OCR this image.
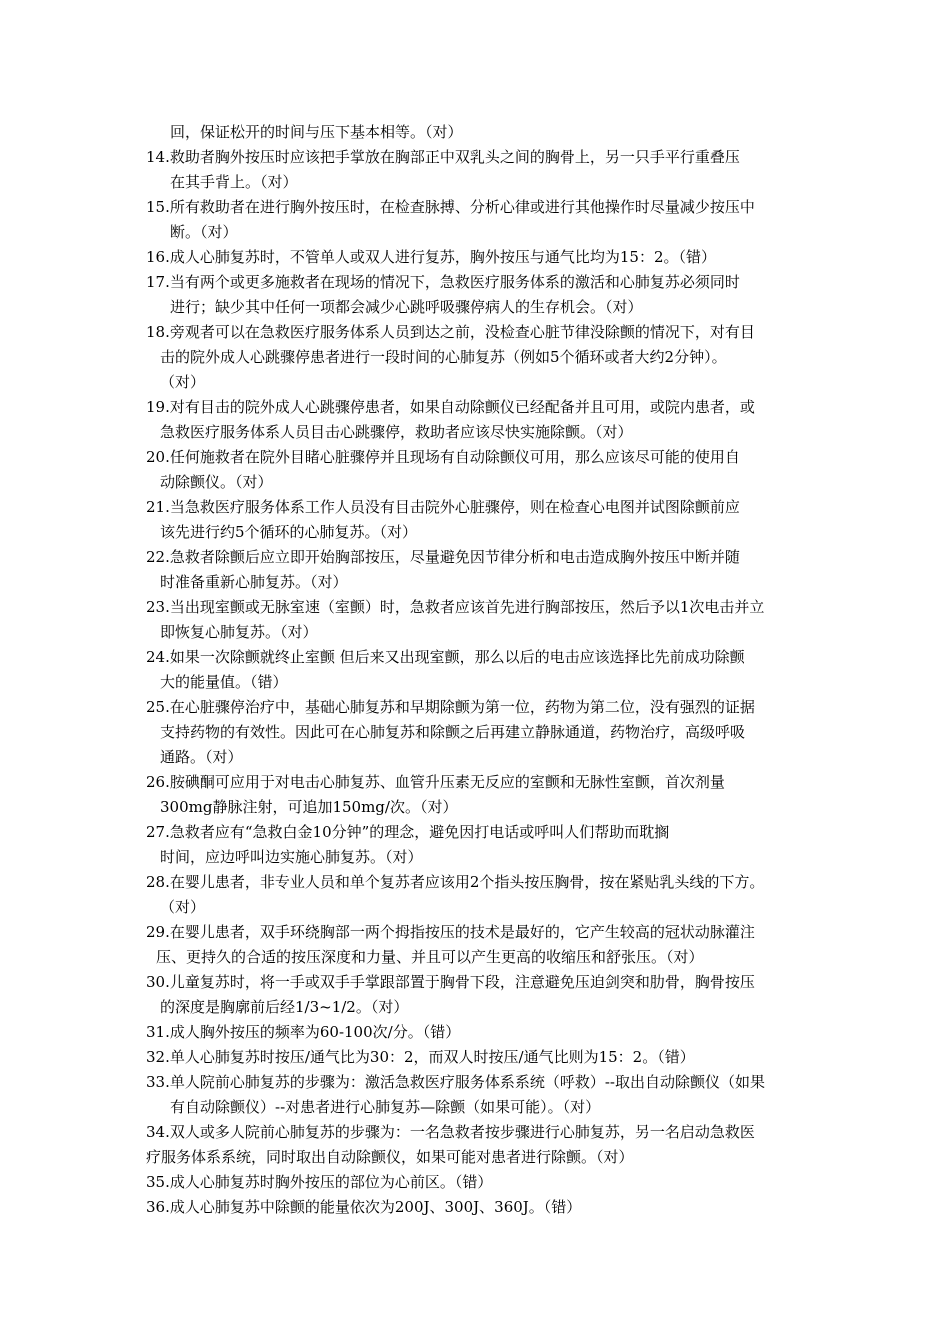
回，保证松开的时间与压下基本相等。（对）
14.救助者胸外按压时应该把手掌放在胸部正中双乳头之间的胸骨上，另一只手平行重叠压
在其手背上。（对）
15.所有救助者在进行胸外按压时，在检查脉搏、分析心律或进行其他操作时尽量减少按压中
断。（对）
16.成人心肺复苏时，不管单人或双人进行复苏，胸外按压与通气比均为15：2。（错）
17.当有两个或更多施救者在现场的情况下，急救医疗服务体系的激活和心肺复苏必须同时
进行；缺少其中任何一项都会减少心跳呼吸骤停病人的生存机会。（对）
18.旁观者可以在急救医疗服务体系人员到达之前，没检查心脏节律没除颤的情况下，对有目
击的院外成人心跳骤停患者进行一段时间的心肺复苏（例如5个循环或者大约2分钟）。
（对）
19.对有目击的院外成人心跳骤停患者，如果自动除颤仪已经配备并且可用，或院内患者，或
急救医疗服务体系人员目击心跳骤停，救助者应该尽快实施除颤。（对）
20.任何施救者在院外目睹心脏骤停并且现场有自动除颤仪可用，那么应该尽可能的使用自
动除颤仪。（对）
21.当急救医疗服务体系工作人员没有目击院外心脏骤停，则在检查心电图并试图除颤前应
该先进行约5个循环的心肺复苏。（对）
22.急救者除颤后应立即开始胸部按压，尽量避免因节律分析和电击造成胸外按压中断并随
时准备重新心肺复苏。（对）
23.当出现室颤或无脉室速（室颤）时，急救者应该首先进行胸部按压，然后予以1次电击并立
即恢复心肺复苏。（对）
24.如果一次除颤就终止室颤 但后来又出现室颤，那么以后的电击应该选择比先前成功除颤
大的能量值。（错）
25.在心脏骤停治疗中，基础心肺复苏和早期除颤为第一位，药物为第二位，没有强烈的证据
支持药物的有效性。因此可在心肺复苏和除颤之后再建立静脉通道，药物治疗，高级呼吸
通路。（对）
26.胺碘酮可应用于对电击心肺复苏、血管升压素无反应的室颤和无脉性室颤，首次剂量
300mg静脉注射，可追加150mg/次。（对）
27.急救者应有“急救白金10分钟”的理念，避免因打电话或呼叫人们帮助而耽搁
时间，应边呼叫边实施心肺复苏。（对）
28.在婴儿患者，非专业人员和单个复苏者应该用2个指头按压胸骨，按在紧贴乳头线的下方。
（对）
29.在婴儿患者，双手环绕胸部一两个拇指按压的技术是最好的，它产生较高的冠状动脉灌注
压、更持久的合适的按压深度和力量、并且可以产生更高的收缩压和舒张压。（对）
30.儿童复苏时，将一手或双手手掌跟部置于胸骨下段，注意避免压迫剑突和肋骨，胸骨按压
的深度是胸廓前后经1/3~1/2。（对）
31.成人胸外按压的频率为60-100次/分。（错）
32.单人心肺复苏时按压/通气比为30：2，而双人时按压/通气比则为15：2。（错）
33.单人院前心肺复苏的步骤为：激活急救医疗服务体系系统（呼救）--取出自动除颤仪（如果
有自动除颤仪）--对患者进行心肺复苏—除颤（如果可能）。（对）
34.双人或多人院前心肺复苏的步骤为：一名急救者按步骤进行心肺复苏，另一名启动急救医
疗服务体系系统，同时取出自动除颤仪，如果可能对患者进行除颤。（对）
35.成人心肺复苏时胸外按压的部位为心前区。（错）
36.成人心肺复苏中除颤的能量依次为200J、300J、360J。（错）
